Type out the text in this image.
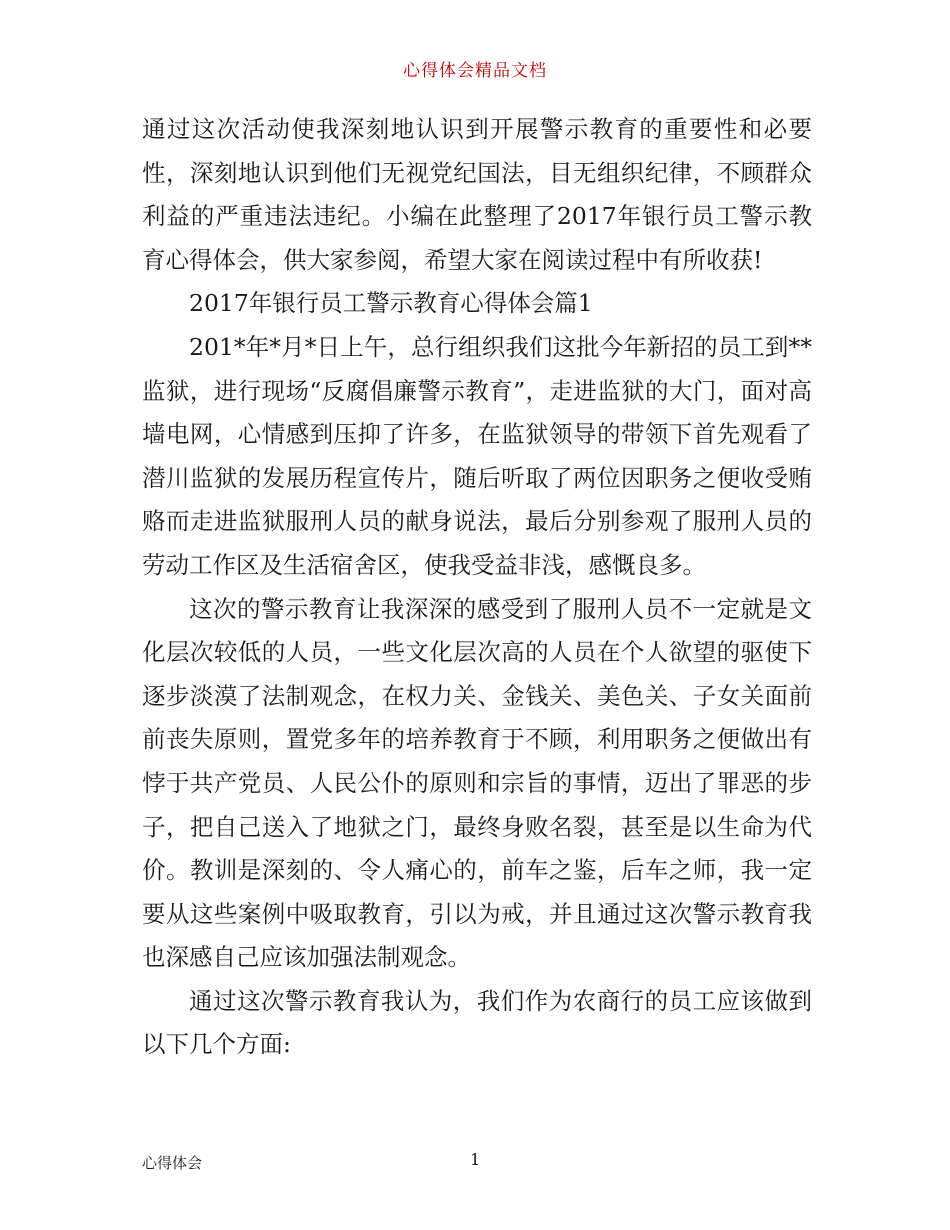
心得体会精品文档

通过这次活动使我深刻地认识到开展警示教育的重要性和必要性，深刻地认识到他们无视党纪国法，目无组织纪律，不顾群众利益的严重违法违纪。小编在此整理了2017年银行员工警示教育心得体会，供大家参阅，希望大家在阅读过程中有所收获!

2017年银行员工警示教育心得体会篇1

201*年*月*日上午，总行组织我们这批今年新招的员工到**监狱，进行现场“反腐倡廉警示教育”，走进监狱的大门，面对高墙电网，心情感到压抑了许多，在监狱领导的带领下首先观看了潜川监狱的发展历程宣传片，随后听取了两位因职务之便收受贿赂而走进监狱服刑人员的献身说法，最后分别参观了服刑人员的劳动工作区及生活宿舍区，使我受益非浅，感慨良多。

这次的警示教育让我深深的感受到了服刑人员不一定就是文化层次较低的人员，一些文化层次高的人员在个人欲望的驱使下逐步淡漠了法制观念，在权力关、金钱关、美色关、子女关面前前丧失原则，置党多年的培养教育于不顾，利用职务之便做出有悖于共产党员、人民公仆的原则和宗旨的事情，迈出了罪恶的步子，把自己送入了地狱之门，最终身败名裂，甚至是以生命为代价。教训是深刻的、令人痛心的，前车之鉴，后车之师，我一定要从这些案例中吸取教育，引以为戒，并且通过这次警示教育我也深感自己应该加强法制观念。

通过这次警示教育我认为，我们作为农商行的员工应该做到以下几个方面:

心得体会	1
